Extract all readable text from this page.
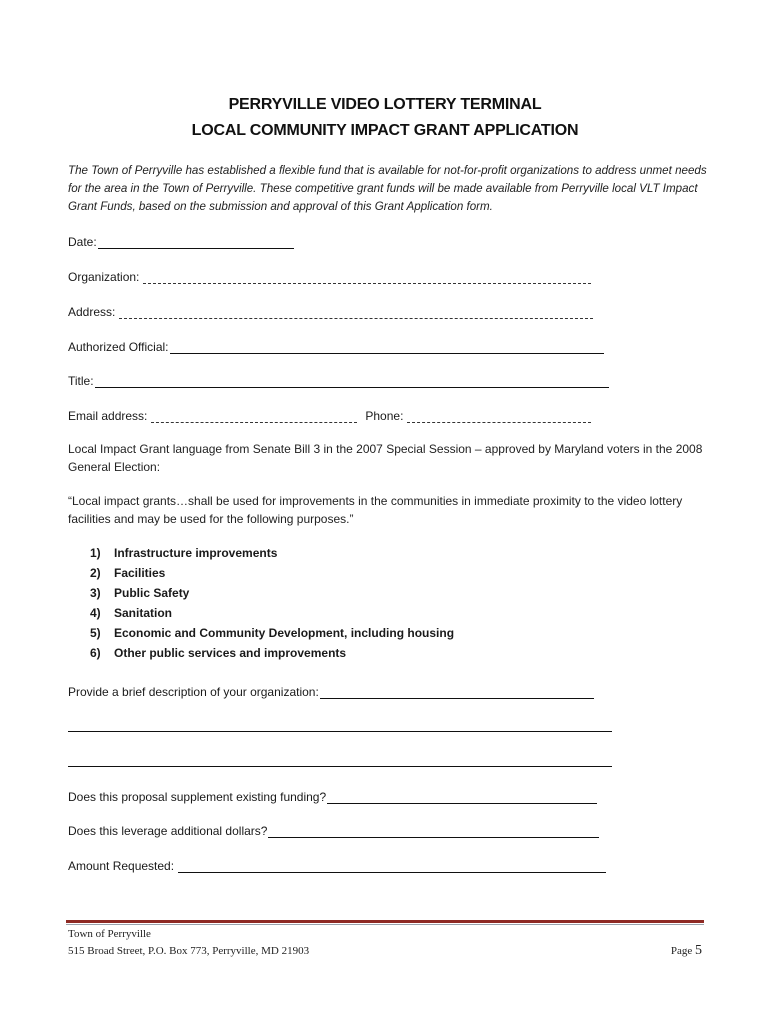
PERRYVILLE VIDEO LOTTERY TERMINAL
LOCAL COMMUNITY IMPACT GRANT APPLICATION
The Town of Perryville has established a flexible fund that is available for not-for-profit organizations to address unmet needs for the area in the Town of Perryville. These competitive grant funds will be made available from Perryville local VLT Impact Grant Funds, based on the submission and approval of this Grant Application form.
Date:
Organization:
Address:
Authorized Official:
Title:
Email address:	Phone:
Local Impact Grant language from Senate Bill 3 in the 2007 Special Session – approved by Maryland voters in the 2008 General Election:
“Local impact grants…shall be used for improvements in the communities in immediate proximity to the video lottery facilities and may be used for the following purposes.”
1)	Infrastructure improvements
2)	Facilities
3)	Public Safety
4)	Sanitation
5)	Economic and Community Development, including housing
6)	Other public services and improvements
Provide a brief description of your organization:
Does this proposal supplement existing funding?
Does this leverage additional dollars?
Amount Requested:
Town of Perryville
515 Broad Street, P.O. Box 773, Perryville, MD 21903	Page 5
